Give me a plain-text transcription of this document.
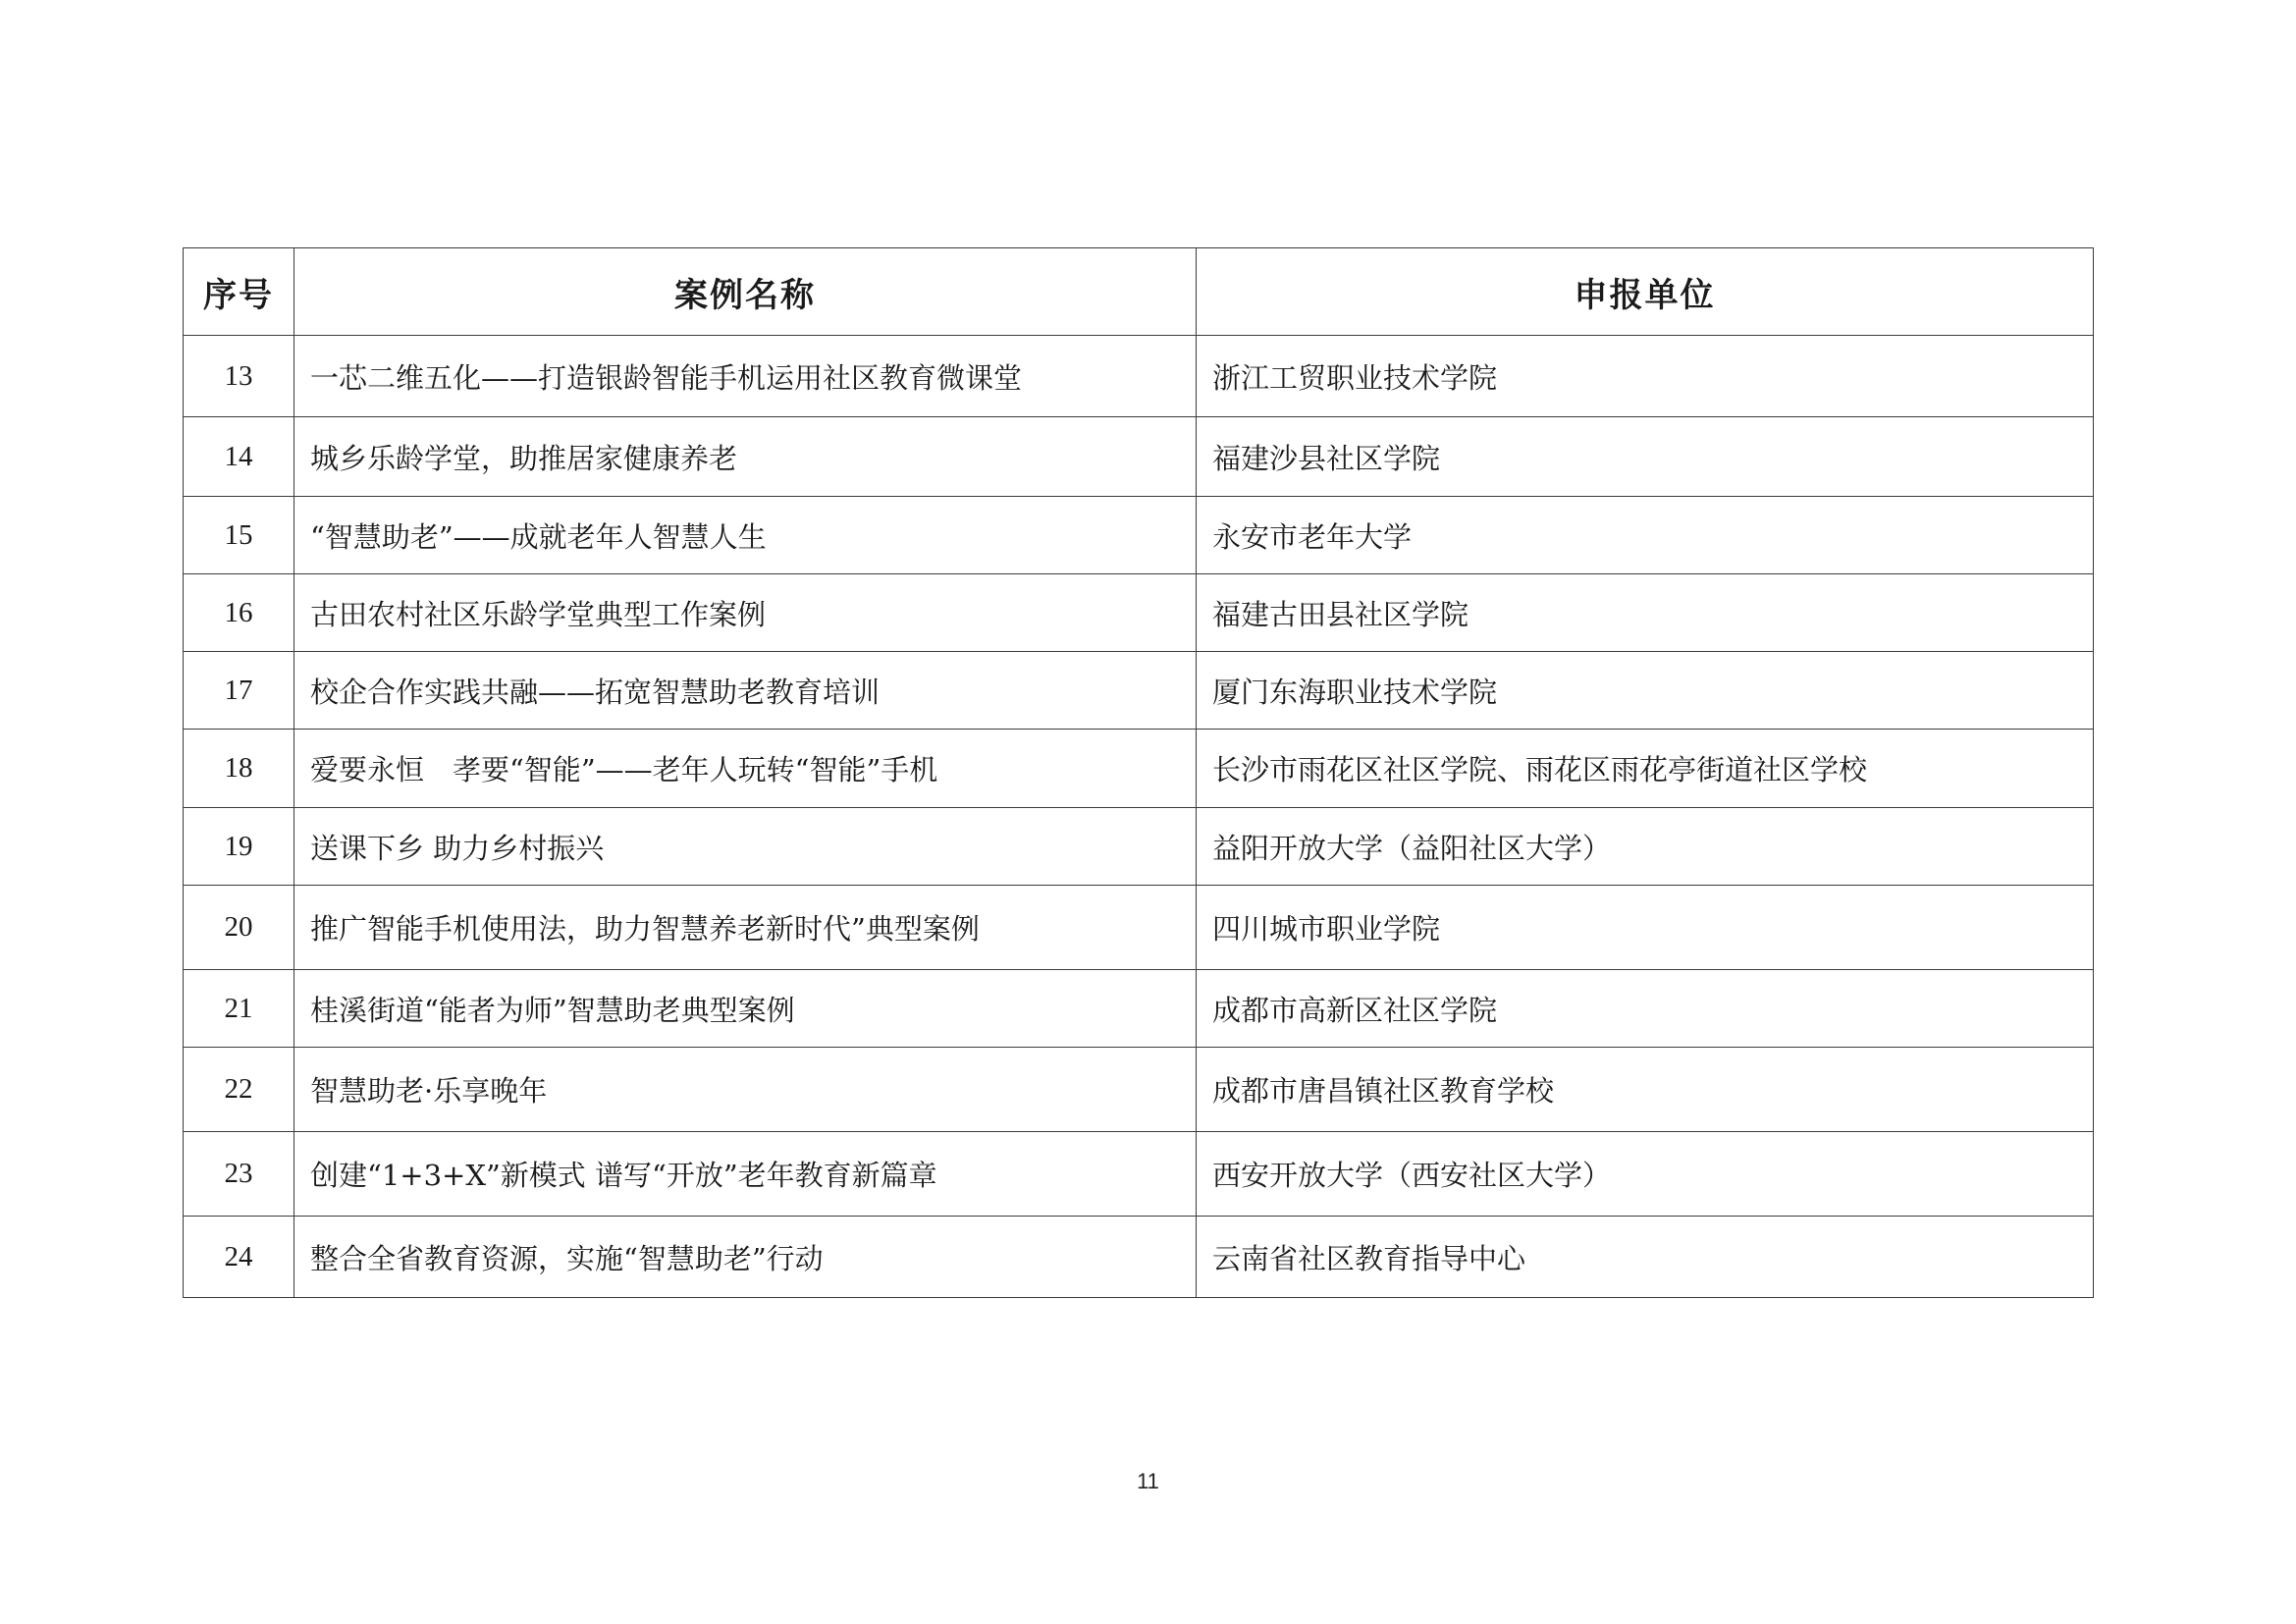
序号	案例名称	申报单位
13	一芯二维五化——打造银龄智能手机运用社区教育微课堂	浙江工贸职业技术学院
14	城乡乐龄学堂，助推居家健康养老	福建沙县社区学院
15	“智慧助老”——成就老年人智慧人生	永安市老年大学
16	古田农村社区乐龄学堂典型工作案例	福建古田县社区学院
17	校企合作实践共融——拓宽智慧助老教育培训	厦门东海职业技术学院
18	爱要永恒　孝要“智能”——老年人玩转“智能”手机	长沙市雨花区社区学院、雨花区雨花亭街道社区学校
19	送课下乡 助力乡村振兴	益阳开放大学（益阳社区大学）
20	推广智能手机使用法，助力智慧养老新时代”典型案例	四川城市职业学院
21	桂溪街道“能者为师”智慧助老典型案例	成都市高新区社区学院
22	智慧助老·乐享晚年	成都市唐昌镇社区教育学校
23	创建“1+3+X”新模式 谱写“开放”老年教育新篇章	西安开放大学（西安社区大学）
24	整合全省教育资源，实施“智慧助老”行动	云南省社区教育指导中心
11
